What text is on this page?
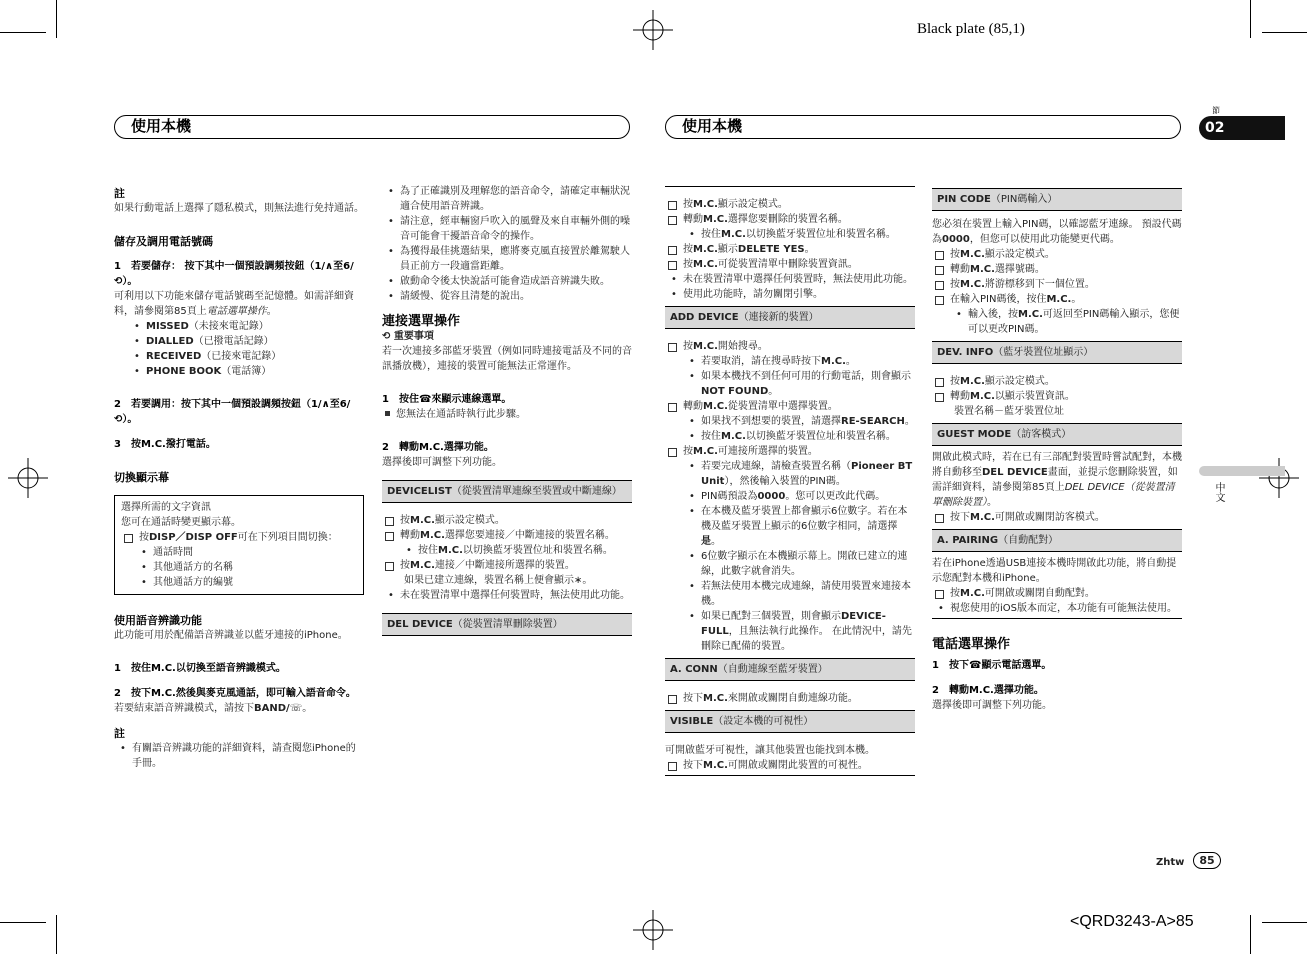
Black plate (85,1)
<QRD3243-A>85
使用本機	使用本機
節
02
中文
Zhtw	85

註

如果行動電話上選擇了隱私模式，則無法進行免持通話。

儲存及調用電話號碼

1　若要儲存： 按下其中一個預設調頻按鈕（1/∧至6/⟲）。

可利用以下功能來儲存電話號碼至記憶體。如需詳細資料，請參閱第85頁上電話選單操作。

• MISSED（未接來電記錄）

• DIALLED（已撥電話記錄）

• RECEIVED（已接來電記錄）

• PHONE BOOK（電話簿）

2　若要調用：按下其中一個預設調頻按鈕（1/∧至6/⟲）。

3　按M.C.撥打電話。

切換顯示幕

選擇所需的文字資訊

您可在通話時變更顯示幕。

按DISP／DISP OFF可在下列項目間切換：

• 通話時間

• 其他通話方的名稱

• 其他通話方的編號

使用語音辨識功能

此功能可用於配備語音辨識並以藍牙連接的iPhone。

1　按住M.C.以切換至語音辨識模式。

2　按下M.C.然後與麥克風通話，即可輸入語音命令。

若要結束語音辨識模式，請按下BAND/☏。

註

• 有關語音辨識功能的詳細資料，請查閱您iPhone的手冊。

• 為了正確識別及理解您的語音命令，請確定車輛狀況適合使用語音辨識。

• 請注意，經車輛窗戶吹入的風聲及來自車輛外側的噪音可能會干擾語音命令的操作。

• 為獲得最佳挑選結果，應將麥克風直接置於離駕駛人員正前方一段適當距離。

• 啟動命令後太快說話可能會造成語音辨識失敗。

• 請緩慢、從容且清楚的說出。

連接選單操作

⟲ 重要事項

若一次連接多部藍牙裝置（例如同時連接電話及不同的音訊播放機），連接的裝置可能無法正常運作。

1　按住☎來顯示連線選單。

您無法在通話時執行此步驟。

2　轉動M.C.選擇功能。

選擇後即可調整下列功能。

DEVICELIST（從裝置清單連線至裝置或中斷連線）

按M.C.顯示設定模式。

轉動M.C.選擇您要連接／中斷連接的裝置名稱。

• 按住M.C.以切換藍牙裝置位址和裝置名稱。

按M.C.連接／中斷連接所選擇的裝置。

如果已建立連線，裝置名稱上便會顯示∗。

• 未在裝置清單中選擇任何裝置時，無法使用此功能。

DEL DEVICE（從裝置清單刪除裝置）

按M.C.顯示設定模式。

轉動M.C.選擇您要刪除的裝置名稱。

• 按住M.C.以切換藍牙裝置位址和裝置名稱。

按M.C.顯示DELETE YES。

按M.C.可從裝置清單中刪除裝置資訊。

• 未在裝置清單中選擇任何裝置時，無法使用此功能。

• 使用此功能時，請勿關閉引擎。

ADD DEVICE（連接新的裝置）

按M.C.開始搜尋。

• 若要取消，請在搜尋時按下M.C.。

• 如果本機找不到任何可用的行動電話，則會顯示NOT FOUND。

轉動M.C.從裝置清單中選擇裝置。

• 如果找不到想要的裝置，請選擇RE-SEARCH。

• 按住M.C.以切換藍牙裝置位址和裝置名稱。

按M.C.可連接所選擇的裝置。

• 若要完成連線，請檢查裝置名稱（Pioneer BT Unit），然後輸入裝置的PIN碼。

• PIN碼預設為0000。您可以更改此代碼。

• 在本機及藍牙裝置上都會顯示6位數字。若在本機及藍牙裝置上顯示的6位數字相同，請選擇是。

• 6位數字顯示在本機顯示幕上。開啟已建立的連線，此數字就會消失。

• 若無法使用本機完成連線，請使用裝置來連接本機。

• 如果已配對三個裝置，則會顯示DEVICE-FULL，且無法執行此操作。 在此情況中，請先刪除已配備的裝置。

A. CONN（自動連線至藍牙裝置）

按下M.C.來開啟或關閉自動連線功能。

VISIBLE（設定本機的可視性）

可開啟藍牙可視性，讓其他裝置也能找到本機。

按下M.C.可開啟或關閉此裝置的可視性。

PIN CODE（PIN碼輸入）

您必須在裝置上輸入PIN碼，以確認藍牙連線。 預設代碼為0000，但您可以使用此功能變更代碼。

按M.C.顯示設定模式。

轉動M.C.選擇號碼。

按M.C.將游標移到下一個位置。

在輸入PIN碼後，按住M.C.。

• 輸入後，按M.C.可返回至PIN碼輸入顯示，您便可以更改PIN碼。

DEV. INFO（藍牙裝置位址顯示）

按M.C.顯示設定模式。

轉動M.C.以顯示裝置資訊。

裝置名稱－藍牙裝置位址

GUEST MODE（訪客模式）

開啟此模式時，若在已有三部配對裝置時嘗試配對，本機將自動移至DEL DEVICE畫面，並提示您刪除裝置，如需詳細資料，請參閱第85頁上DEL DEVICE（從裝置清單刪除裝置）。

按下M.C.可開啟或關閉訪客模式。

A. PAIRING（自動配對）

若在iPhone透過USB連接本機時開啟此功能，將自動提示您配對本機和iPhone。

按M.C.可開啟或關閉自動配對。

• 視您使用的iOS版本而定，本功能有可能無法使用。

電話選單操作

1　按下☎顯示電話選單。

2　轉動M.C.選擇功能。

選擇後即可調整下列功能。
